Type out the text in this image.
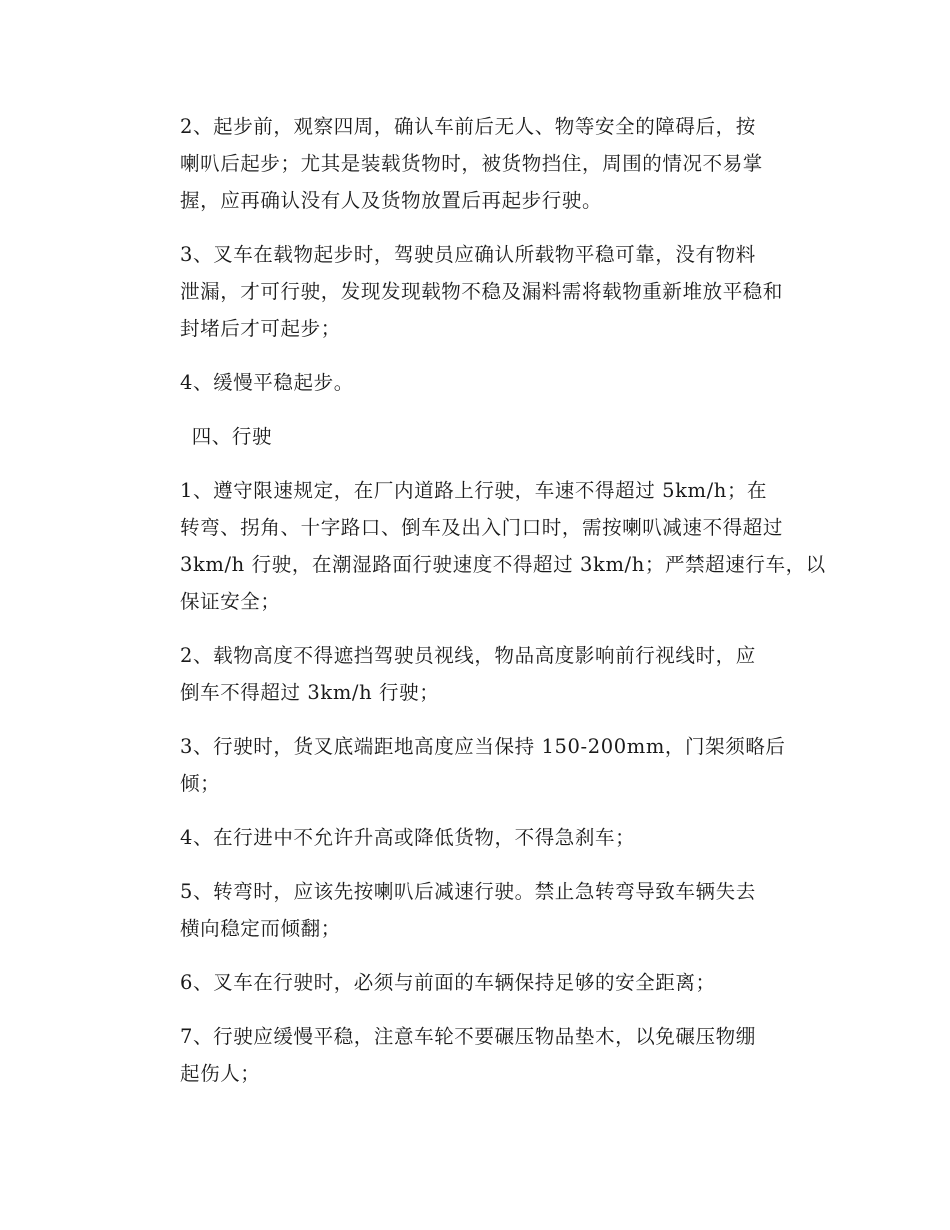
2、起步前，观察四周，确认车前后无人、物等安全的障碍后，按
喇叭后起步；尤其是装载货物时，被货物挡住，周围的情况不易掌
握，应再确认没有人及货物放置后再起步行驶。

3、叉车在载物起步时，驾驶员应确认所载物平稳可靠，没有物料
泄漏，才可行驶，发现发现载物不稳及漏料需将载物重新堆放平稳和
封堵后才可起步；

4、缓慢平稳起步。

四、行驶

1、遵守限速规定，在厂内道路上行驶，车速不得超过 5km/h；在
转弯、拐角、十字路口、倒车及出入门口时，需按喇叭减速不得超过
3km/h 行驶，在潮湿路面行驶速度不得超过 3km/h；严禁超速行车，以
保证安全；

2、载物高度不得遮挡驾驶员视线，物品高度影响前行视线时，应
倒车不得超过 3km/h 行驶；

3、行驶时，货叉底端距地高度应当保持 150-200mm，门架须略后
倾；

4、在行进中不允许升高或降低货物，不得急刹车；

5、转弯时，应该先按喇叭后减速行驶。禁止急转弯导致车辆失去
横向稳定而倾翻；

6、叉车在行驶时，必须与前面的车辆保持足够的安全距离；

7、行驶应缓慢平稳，注意车轮不要碾压物品垫木，以免碾压物绷
起伤人；
